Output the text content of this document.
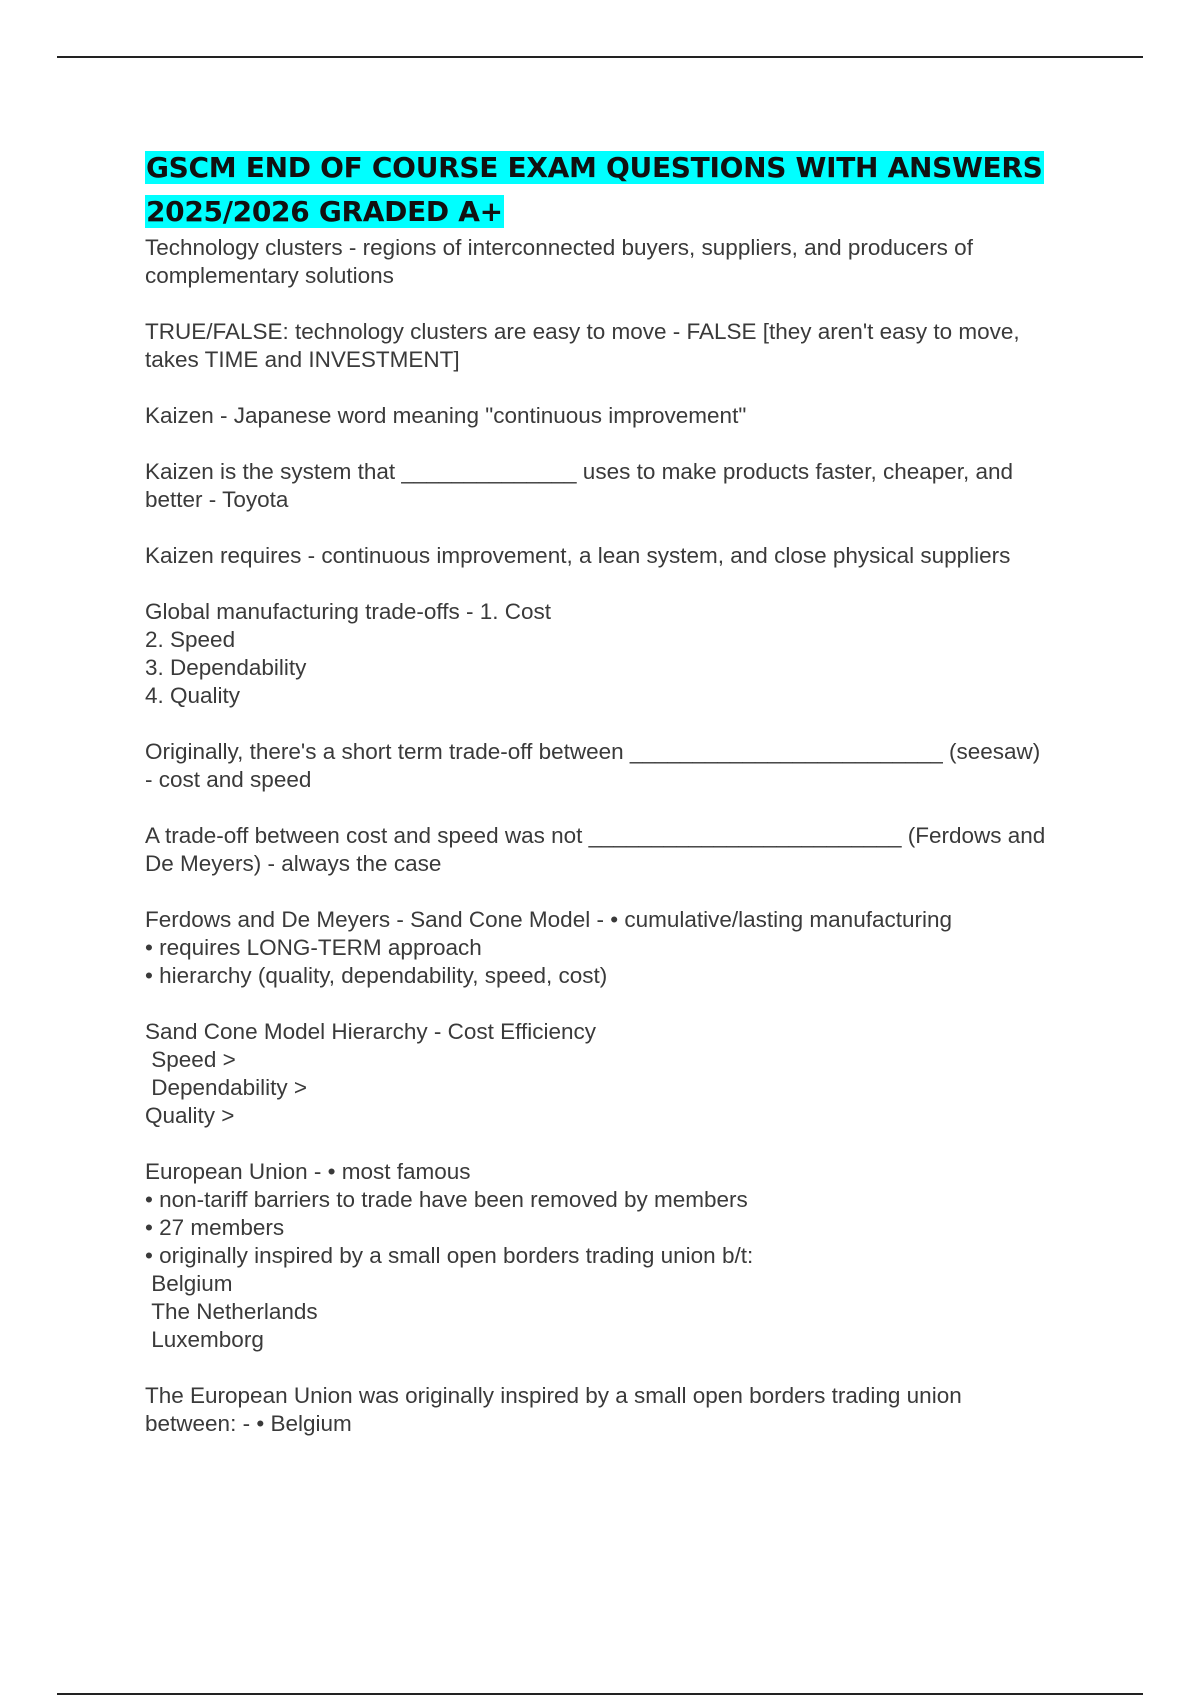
GSCM END OF COURSE EXAM QUESTIONS WITH ANSWERS
2025/2026 GRADED A+

Technology clusters - regions of interconnected buyers, suppliers, and producers of
complementary solutions

TRUE/FALSE: technology clusters are easy to move - FALSE [they aren't easy to move,
takes TIME and INVESTMENT]

Kaizen - Japanese word meaning "continuous improvement"

Kaizen is the system that ______________ uses to make products faster, cheaper, and
better - Toyota

Kaizen requires - continuous improvement, a lean system, and close physical suppliers

Global manufacturing trade-offs - 1. Cost
2. Speed
3. Dependability
4. Quality

Originally, there's a short term trade-off between _________________________ (seesaw)
- cost and speed

A trade-off between cost and speed was not _________________________ (Ferdows and
De Meyers) - always the case

Ferdows and De Meyers - Sand Cone Model - • cumulative/lasting manufacturing
• requires LONG-TERM approach
• hierarchy (quality, dependability, speed, cost)

Sand Cone Model Hierarchy - Cost Efficiency
Speed >
Dependability >
Quality >

European Union - • most famous
• non-tariff barriers to trade have been removed by members
• 27 members
• originally inspired by a small open borders trading union b/t:
Belgium
The Netherlands
Luxemborg

The European Union was originally inspired by a small open borders trading union
between: - • Belgium
